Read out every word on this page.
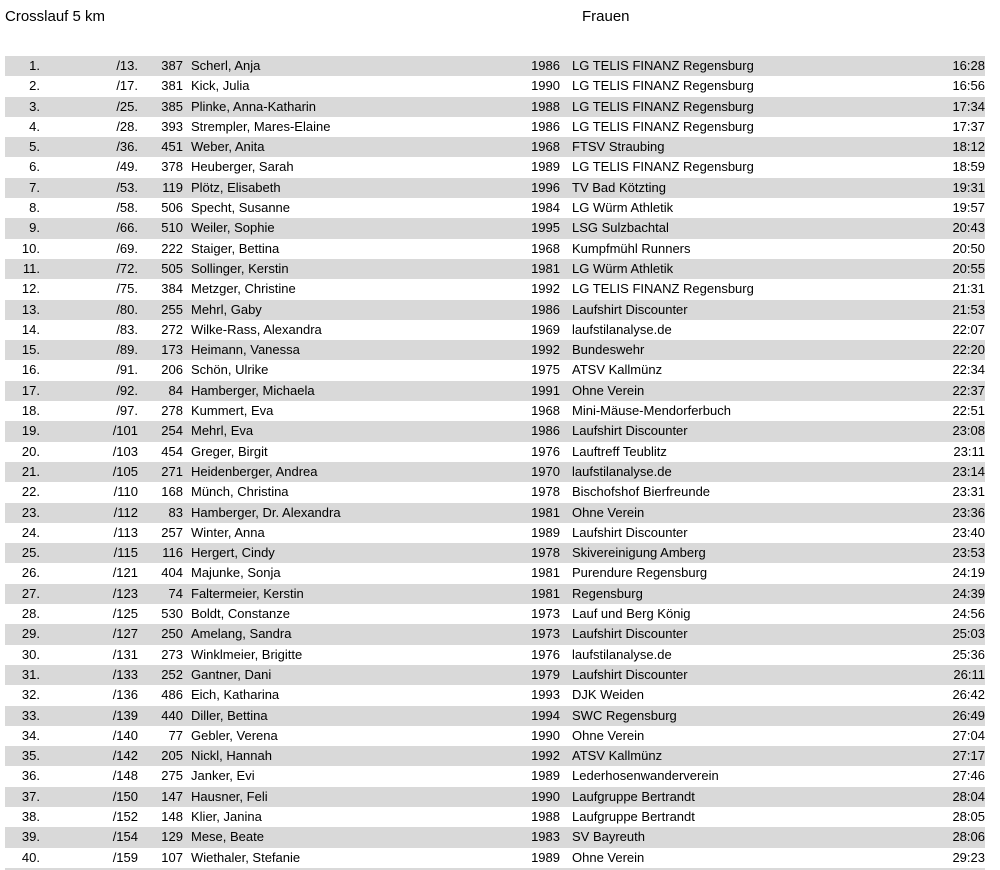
Crosslauf 5 km	Frauen
1.	/13.	387 Scherl, Anja	1986 LG TELIS FINANZ Regensburg	16:28
2.	/17.	381 Kick, Julia	1990 LG TELIS FINANZ Regensburg	16:56
3.	/25.	385 Plinke, Anna-Katharin	1988 LG TELIS FINANZ Regensburg	17:34
4.	/28.	393 Strempler, Mares-Elaine	1986 LG TELIS FINANZ Regensburg	17:37
5.	/36.	451 Weber, Anita	1968 FTSV Straubing	18:12
6.	/49.	378 Heuberger, Sarah	1989 LG TELIS FINANZ Regensburg	18:59
7.	/53.	119 Plötz, Elisabeth	1996 TV Bad Kötzting	19:31
8.	/58.	506 Specht, Susanne	1984 LG Würm Athletik	19:57
9.	/66.	510 Weiler, Sophie	1995 LSG Sulzbachtal	20:43
10.	/69.	222 Staiger, Bettina	1968 Kumpfmühl Runners	20:50
11.	/72.	505 Sollinger, Kerstin	1981 LG Würm Athletik	20:55
12.	/75.	384 Metzger, Christine	1992 LG TELIS FINANZ Regensburg	21:31
13.	/80.	255 Mehrl, Gaby	1986 Laufshirt Discounter	21:53
14.	/83.	272 Wilke-Rass, Alexandra	1969 laufstilanalyse.de	22:07
15.	/89.	173 Heimann, Vanessa	1992 Bundeswehr	22:20
16.	/91.	206 Schön, Ulrike	1975 ATSV Kallmünz	22:34
17.	/92.	84 Hamberger, Michaela	1991 Ohne Verein	22:37
18.	/97.	278 Kummert, Eva	1968 Mini-Mäuse-Mendorferbuch	22:51
19.	/101	254 Mehrl, Eva	1986 Laufshirt Discounter	23:08
20.	/103	454 Greger, Birgit	1976 Lauftreff Teublitz	23:11
21.	/105	271 Heidenberger, Andrea	1970 laufstilanalyse.de	23:14
22.	/110	168 Münch, Christina	1978 Bischofshof Bierfreunde	23:31
23.	/112	83 Hamberger, Dr. Alexandra	1981 Ohne Verein	23:36
24.	/113	257 Winter, Anna	1989 Laufshirt Discounter	23:40
25.	/115	116 Hergert, Cindy	1978 Skivereinigung Amberg	23:53
26.	/121	404 Majunke, Sonja	1981 Purendure Regensburg	24:19
27.	/123	74 Faltermeier, Kerstin	1981 Regensburg	24:39
28.	/125	530 Boldt, Constanze	1973 Lauf und Berg König	24:56
29.	/127	250 Amelang, Sandra	1973 Laufshirt Discounter	25:03
30.	/131	273 Winklmeier, Brigitte	1976 laufstilanalyse.de	25:36
31.	/133	252 Gantner, Dani	1979 Laufshirt Discounter	26:11
32.	/136	486 Eich, Katharina	1993 DJK Weiden	26:42
33.	/139	440 Diller, Bettina	1994 SWC Regensburg	26:49
34.	/140	77 Gebler, Verena	1990 Ohne Verein	27:04
35.	/142	205 Nickl, Hannah	1992 ATSV Kallmünz	27:17
36.	/148	275 Janker, Evi	1989 Lederhosenwanderverein	27:46
37.	/150	147 Hausner, Feli	1990 Laufgruppe Bertrandt	28:04
38.	/152	148 Klier, Janina	1988 Laufgruppe Bertrandt	28:05
39.	/154	129 Mese, Beate	1983 SV Bayreuth	28:06
40.	/159	107 Wiethaler, Stefanie	1989 Ohne Verein	29:23
